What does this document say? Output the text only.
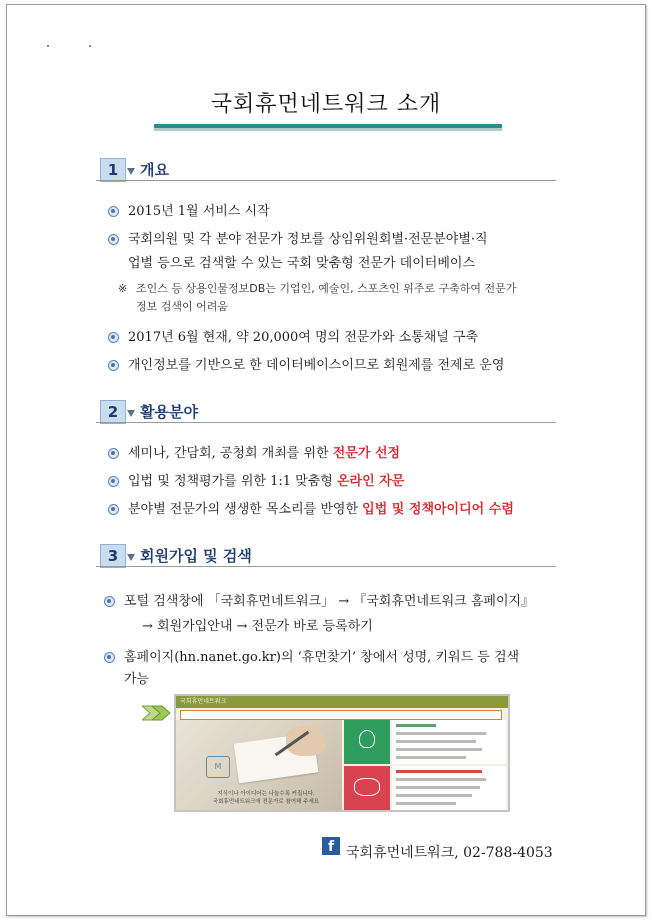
국회휴먼네트워크 소개
1	개요
2015년 1월 서비스 시작
국회의원 및 각 분야 전문가 정보를 상임위원회별·전문분야별·직
업별 등으로 검색할 수 있는 국회 맞춤형 전문가 데이터베이스
※ 조인스 등 상용인물정보DB는 기업인, 예술인, 스포츠인 위주로 구축하여 전문가
정보 검색이 어려움
2017년 6월 현재, 약 20,000여 명의 전문가와 소통채널 구축
개인정보를 기반으로 한 데이터베이스이므로 회원제를 전제로 운영
2	활용분야
세미나, 간담회, 공청회 개최를 위한 전문가 선정
입법 및 정책평가를 위한 1:1 맞춤형 온라인 자문
분야별 전문가의 생생한 목소리를 반영한 입법 및 정책아이디어 수렴
3	회원가입 및 검색
포털 검색창에 「국회휴먼네트워크」 → 『국회휴먼네트워크 홈페이지』
→ 회원가입안내 → 전문가 바로 등록하기
홈페이지(hn.nanet.go.kr)의 ‘휴먼찾기’ 창에서 성명, 키워드 등 검색
가능
국회휴먼네트워크
M
지식이나 아이디어는 나눌수록 커집니다.
국회휴먼네트워크에 전문가로 참여해 주세요
f 국회휴먼네트워크, 02-788-4053
